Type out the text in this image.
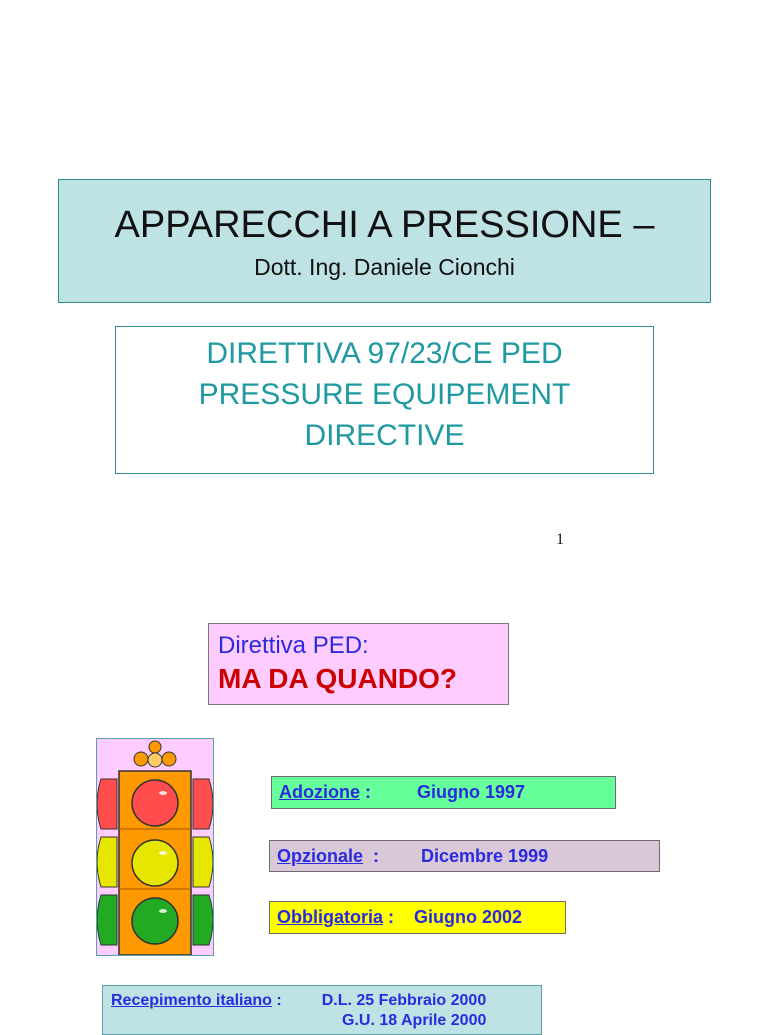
APPARECCHI A PRESSIONE –
Dott. Ing. Daniele Cionchi
DIRETTIVA 97/23/CE PED
PRESSURE EQUIPEMENT
DIRECTIVE
1
Direttiva PED:
MA DA QUANDO?
Adozione :	Giugno 1997
Opzionale  : Dicembre 1999
Obbligatoria : Giugno 2002
Recepimento italiano :	D.L. 25 Febbraio 2000
G.U. 18 Aprile 2000
